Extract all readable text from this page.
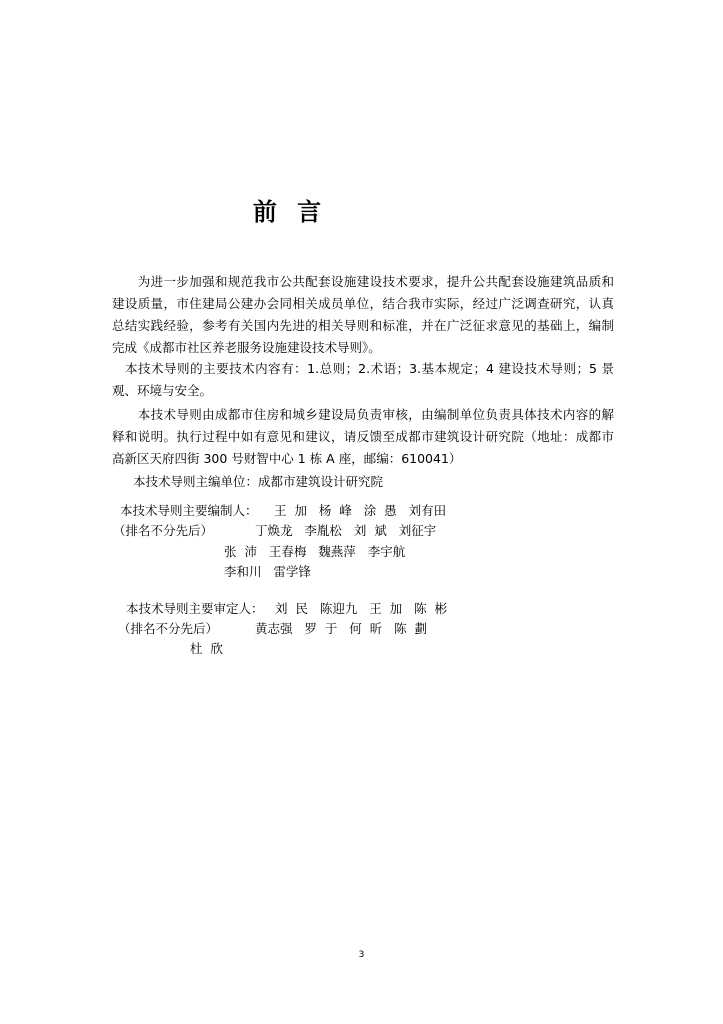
前 言
　　为进一步加强和规范我市公共配套设施建设技术要求，提升公共配套设施建筑品质和
建设质量，市住建局公建办会同相关成员单位，结合我市实际，经过广泛调查研究，认真
总结实践经验，参考有关国内先进的相关导则和标准，并在广泛征求意见的基础上，编制
完成《成都市社区养老服务设施建设技术导则》。
　本技术导则的主要技术内容有：1.总则；2.术语；3.基本规定；4 建设技术导则；5 景
观、环境与安全。
　　本技术导则由成都市住房和城乡建设局负责审核，由编制单位负责具体技术内容的解
释和说明。执行过程中如有意见和建议，请反馈至成都市建筑设计研究院（地址：成都市
高新区天府四街 300 号财智中心 1 栋 A 座，邮编：610041）

本技术导则主编单位：成都市建筑设计研究院

本技术导则主要编制人： 王  加   杨  峰   涂  愚   刘有田

（排名不分先后）	丁焕龙   李胤松   刘  斌   刘征宇

张  沛   王春梅   魏燕萍   李宇航

李和川   雷学锋

本技术导则主要审定人： 刘  民   陈迎九   王  加   陈  彬

（排名不分先后）	黄志强   罗  于   何  昕   陈  劃

杜  欣

3
